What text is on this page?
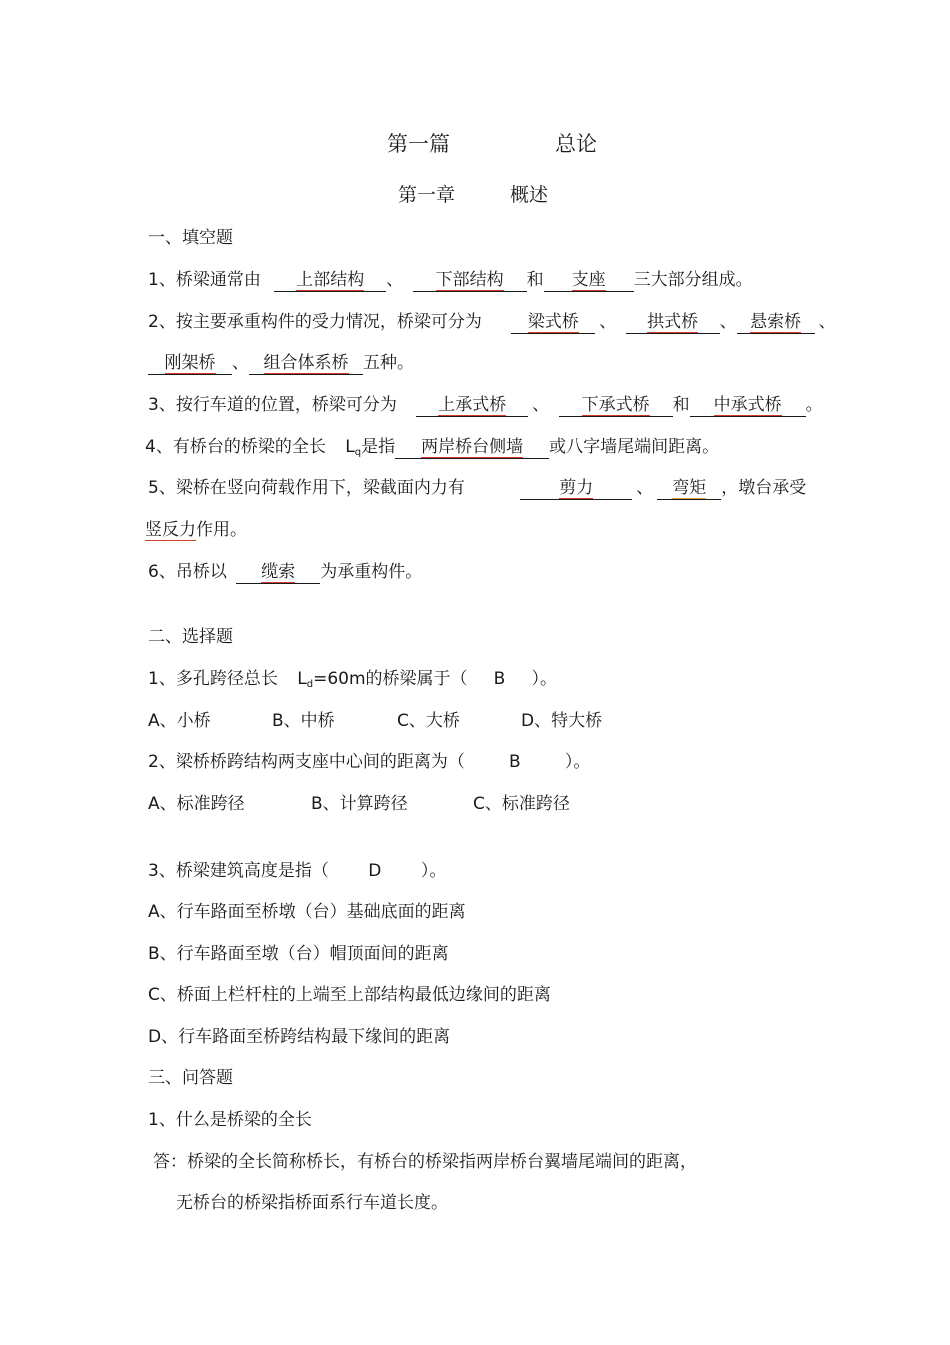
第一篇	总论
第一章	概述
一、填空题
1、桥梁通常由 上部结构 、 下部结构 和 支座 三大部分组成。
2、按主要承重构件的受力情况，桥梁可分为	梁式桥 、 拱式桥 、 悬索桥 、
刚架桥 、 组合体系桥 五种。
3、按行车道的位置，桥梁可分为 上承式桥 、 下承式桥 和 中承式桥 。
4、有桥台的桥梁的全长 $L_q$是指 两岸桥台侧墙 或八字墙尾端间距离。
5、梁桥在竖向荷载作用下，梁截面内力有	剪力	、 弯矩 ，墩台承受
竖反力作用。
6、吊桥以 缆索 为承重构件。
二、选择题
1、多孔跨径总长 $L_d=60m$的桥梁属于（ B ）。
A、小桥	B、中桥	C、大桥	D、特大桥
2、梁桥桥跨结构两支座中心间的距离为（	B	）。
A、标准跨径	B、计算跨径	C、标准跨径
3、桥梁建筑高度是指（ D ）。
A、行车路面至桥墩（台）基础底面的距离
B、行车路面至墩（台）帽顶面间的距离
C、桥面上栏杆柱的上端至上部结构最低边缘间的距离
D、行车路面至桥跨结构最下缘间的距离
三、问答题
1、什么是桥梁的全长
答：桥梁的全长简称桥长，有桥台的桥梁指两岸桥台翼墙尾端间的距离，
无桥台的桥梁指桥面系行车道长度。
